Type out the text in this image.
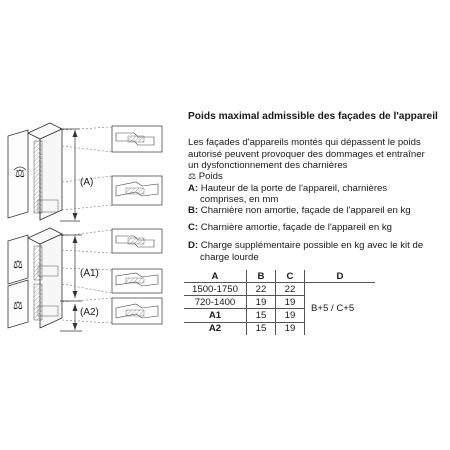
⚖
⚖
⚖
(A)
(A1)
(A2)
Poids maximal admissible des façades de l'appareil
Les façades d'appareils montés qui dépassent le poids
autorisé peuvent provoquer des dommages et entraîner
un dysfonctionnement des charnières
⚖ Poids
A: Hauteur de la porte de l'appareil, charnières
comprises, en mm
B: Charnière non amortie, façade de l'appareil en kg
C: Charnière amortie, façade de l'appareil en kg
D: Charge supplémentaire possible en kg avec le kit de
charge lourde
A	B	C	D
1500-1750	22	22	B+5 / C+5
720-1400	19	19	
A1	15	19	
A2	15	19	
